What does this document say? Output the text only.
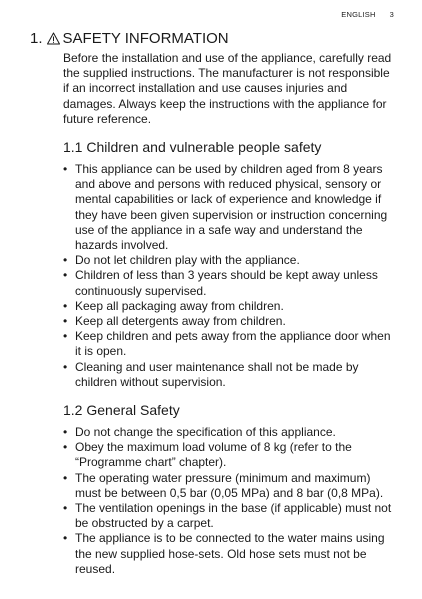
ENGLISH 3
1. SAFETY INFORMATION

Before the installation and use of the appliance, carefully read the supplied instructions. The manufacturer is not responsible if an incorrect installation and use causes injuries and damages. Always keep the instructions with the appliance for future reference.

1.1 Children and vulnerable people safety
• This appliance can be used by children aged from 8 years and above and persons with reduced physical, sensory or mental capabilities or lack of experience and knowledge if they have been given supervision or instruction concerning use of the appliance in a safe way and understand the hazards involved.
• Do not let children play with the appliance.
• Children of less than 3 years should be kept away unless continuously supervised.
• Keep all packaging away from children.
• Keep all detergents away from children.
• Keep children and pets away from the appliance door when it is open.
• Cleaning and user maintenance shall not be made by children without supervision.
1.2 General Safety
• Do not change the specification of this appliance.
• Obey the maximum load volume of 8 kg (refer to the “Programme chart” chapter).
• The operating water pressure (minimum and maximum) must be between 0,5 bar (0,05 MPa) and 8 bar (0,8 MPa).
• The ventilation openings in the base (if applicable) must not be obstructed by a carpet.
• The appliance is to be connected to the water mains using the new supplied hose-sets. Old hose sets must not be reused.
